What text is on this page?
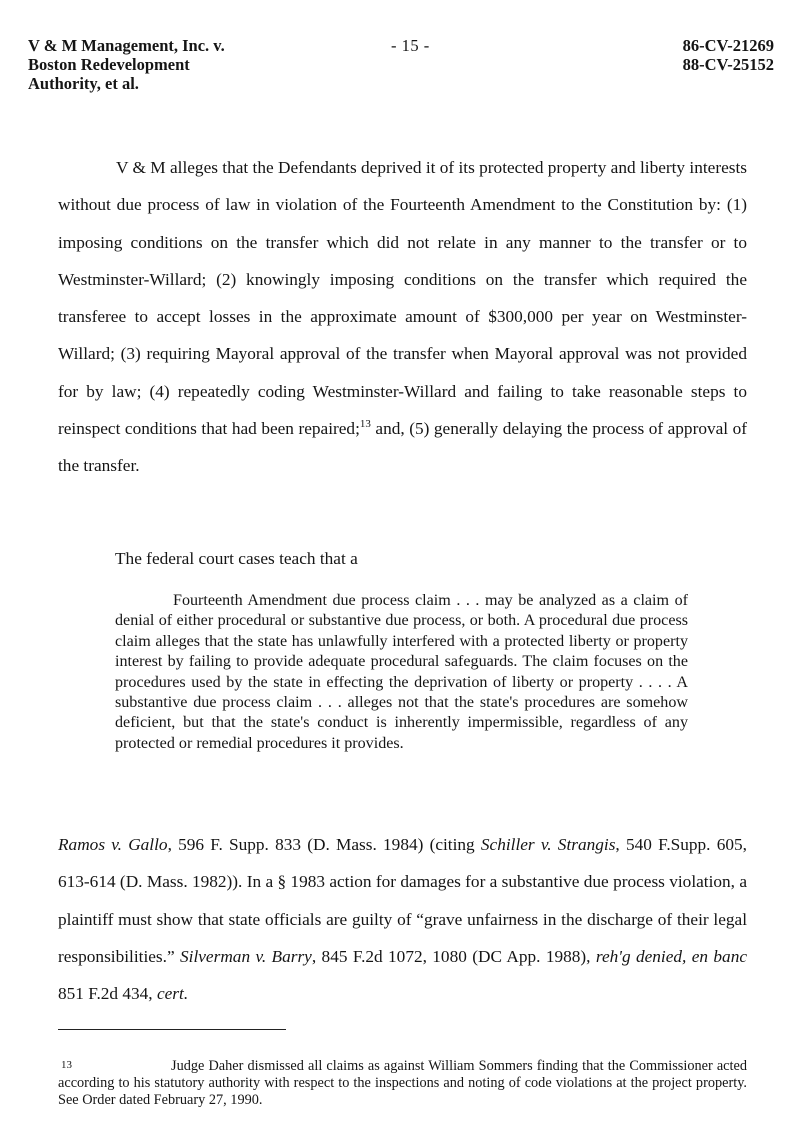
V & M Management, Inc. v.
Boston Redevelopment
Authority, et al.
- 15 -	86-CV-21269
88-CV-25152

V & M alleges that the Defendants deprived it of its protected property and liberty interests without due process of law in violation of the Fourteenth Amendment to the Constitution by: (1) imposing conditions on the transfer which did not relate in any manner to the transfer or to Westminster-Willard; (2) knowingly imposing conditions on the transfer which required the transferee to accept losses in the approximate amount of $300,000 per year on Westminster-Willard; (3) requiring Mayoral approval of the transfer when Mayoral approval was not provided for by law; (4) repeatedly coding Westminster-Willard and failing to take reasonable steps to reinspect conditions that had been repaired;$^{13}$ and, (5) generally delaying the process of approval of the transfer.

The federal court cases teach that a

Fourteenth Amendment due process claim . . . may be analyzed as a claim of denial of either procedural or substantive due process, or both. A procedural due process claim alleges that the state has unlawfully interfered with a protected liberty or property interest by failing to provide adequate procedural safeguards. The claim focuses on the procedures used by the state in effecting the deprivation of liberty or property . . . . A substantive due process claim . . . alleges not that the state's procedures are somehow deficient, but that the state's conduct is inherently impermissible, regardless of any protected or remedial procedures it provides.

Ramos v. Gallo, 596 F. Supp. 833 (D. Mass. 1984) (citing Schiller v. Strangis, 540 F.Supp. 605, 613-614 (D. Mass. 1982)). In a § 1983 action for damages for a substantive due process violation, a plaintiff must show that state officials are guilty of “grave unfairness in the discharge of their legal responsibilities.” Silverman v. Barry, 845 F.2d 1072, 1080 (DC App. 1988), reh'g denied, en banc 851 F.2d 434, cert.

13	Judge Daher dismissed all claims as against William Sommers finding that the Commissioner acted according to his statutory authority with respect to the inspections and noting of code violations at the project property. See Order dated February 27, 1990.
